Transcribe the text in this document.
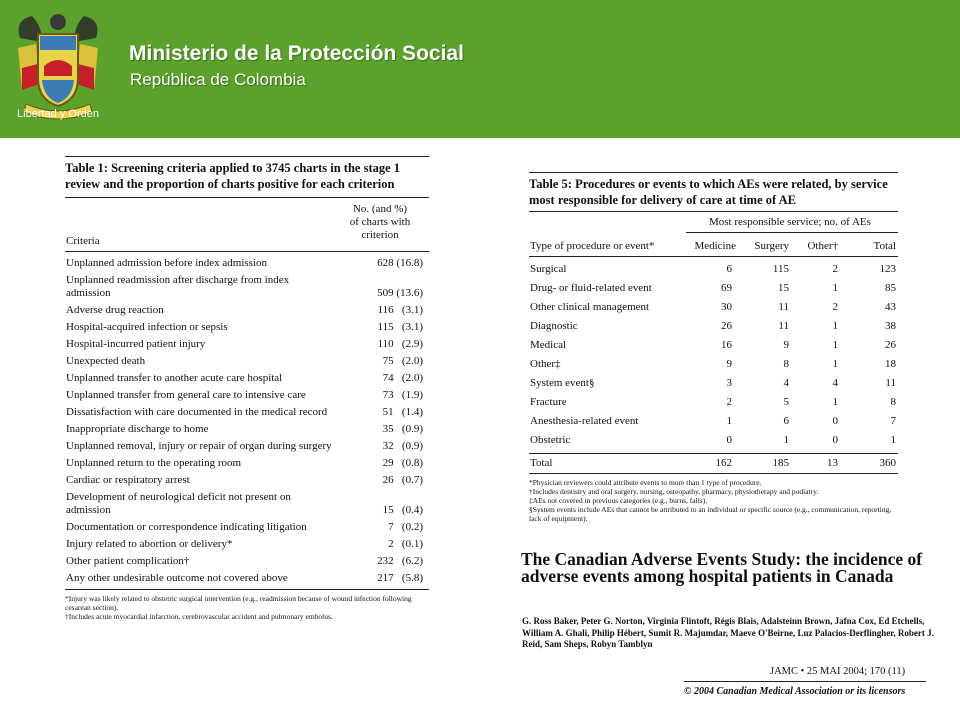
Libertad y Orden
Ministerio de la Protección Social
República de Colombia
Table 1: Screening criteria applied to 3745 charts in the stage 1 review and the proportion of charts positive for each criterion
Criteria
No. (and %)
of charts with
criterion
Unplanned admission before index admission	628 (16.8)
Unplanned readmission after discharge from index admission	509 (13.6)
Adverse drug reaction	116   (3.1)
Hospital-acquired infection or sepsis	115   (3.1)
Hospital-incurred patient injury	110   (2.9)
Unexpected death	75   (2.0)
Unplanned transfer to another acute care hospital	74   (2.0)
Unplanned transfer from general care to intensive care	73   (1.9)
Dissatisfaction with care documented in the medical record	51   (1.4)
Inappropriate discharge to home	35   (0.9)
Unplanned removal, injury or repair of organ during surgery	32   (0.9)
Unplanned return to the operating room	29   (0.8)
Cardiac or respiratory arrest	26   (0.7)
Development of neurological deficit not present on admission	15   (0.4)
Documentation or correspondence indicating litigation	7   (0.2)
Injury related to abortion or delivery*	2   (0.1)
Other patient complication†	232   (6.2)
Any other undesirable outcome not covered above	217   (5.8)
*Injury was likely related to obstetric surgical intervention (e.g., readmission because of wound infection following cesarean section).
†Includes acute myocardial infarction, cerebrovascular accident and pulmonary embolus.
Table 5: Procedures or events to which AEs were related, by service most responsible for delivery of care at time of AE
Most responsible service; no. of AEs
Type of procedure or event*	Medicine	Surgery	Other†	Total
Surgical	6	115	2	123
Drug- or fluid-related event	69	15	1	85
Other clinical management	30	11	2	43
Diagnostic	26	11	1	38
Medical	16	9	1	26
Other‡	9	8	1	18
System event§	3	4	4	11
Fracture	2	5	1	8
Anesthesia-related event	1	6	0	7
Obstetric	0	1	0	1
Total	162	185	13	360
*Physician reviewers could attribute events to more than 1 type of procedure.
†Includes dentistry and oral surgery, nursing, osteopathy, pharmacy, physiotherapy and podiatry.
‡AEs not covered in previous categories (e.g., burns, falls).
§System events include AEs that cannot be attributed to an individual or specific source (e.g., communication, reporting, lack of equipment).
The Canadian Adverse Events Study: the incidence of adverse events among hospital patients in Canada
G. Ross Baker, Peter G. Norton, Virginia Flintoft, Régis Blais, Adalsteinn Brown, Jafna Cox, Ed Etchells, William A. Ghali, Philip Hébert, Sumit R. Majumdar, Maeve O'Beirne, Luz Palacios-Derflingher, Robert J. Reid, Sam Sheps, Robyn Tamblyn
JAMC • 25 MAI 2004; 170 (11)
© 2004 Canadian Medical Association or its licensors
